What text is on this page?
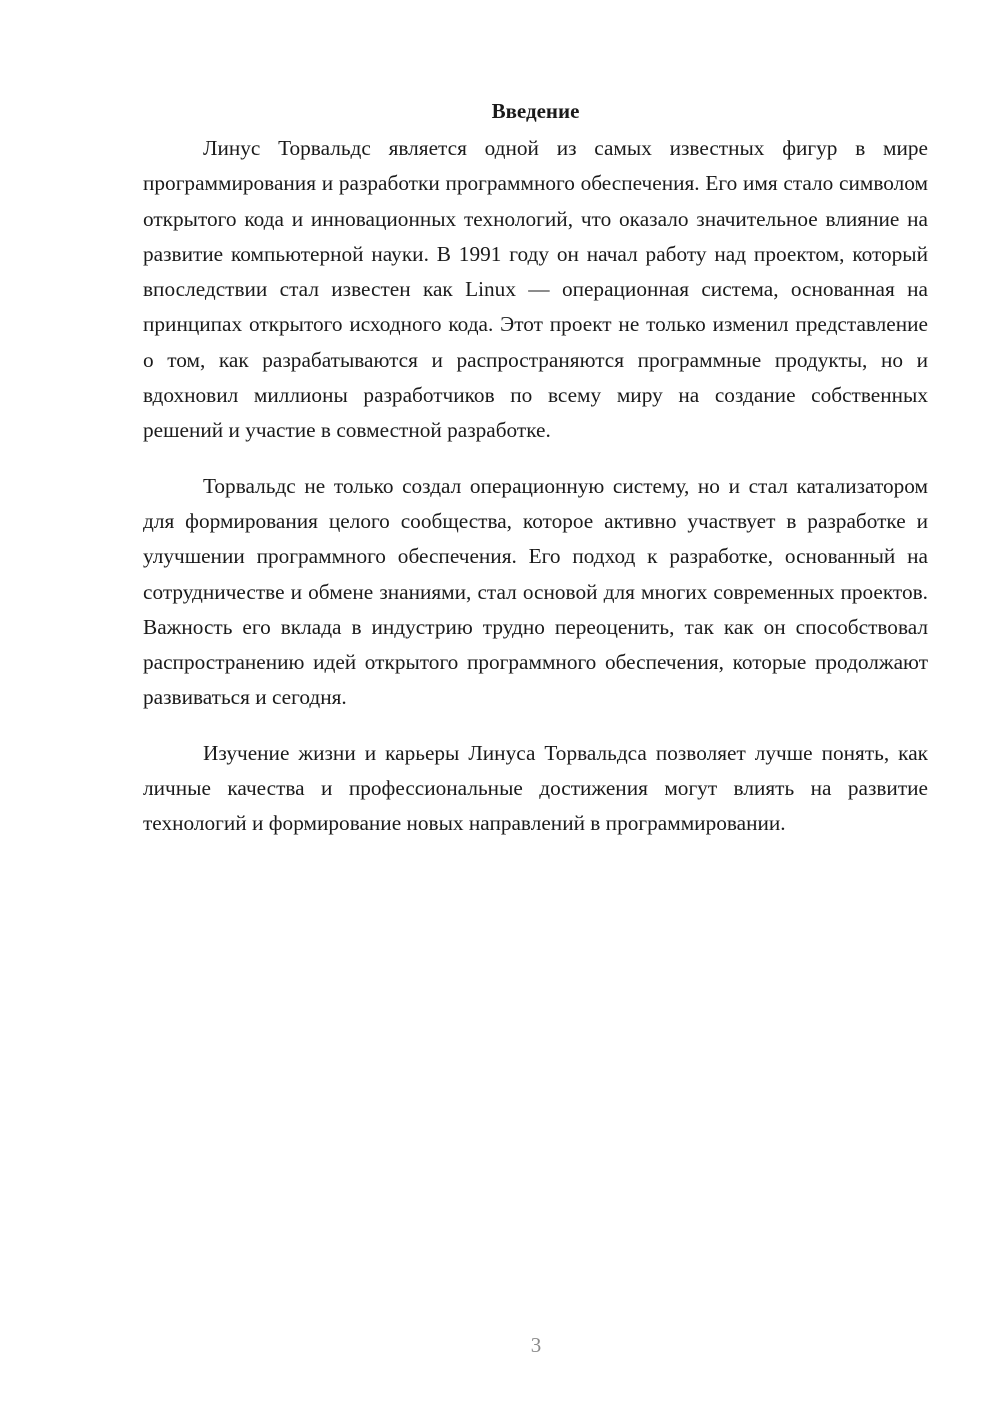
Введение

Линус Торвальдс является одной из самых известных фигур в мире программирования и разработки программного обеспечения. Его имя стало символом открытого кода и инновационных технологий, что оказало значительное влияние на развитие компьютерной науки. В 1991 году он начал работу над проектом, который впоследствии стал известен как Linux — операционная система, основанная на принципах открытого исходного кода. Этот проект не только изменил представление о том, как разрабатываются и распространяются программные продукты, но и вдохновил миллионы разработчиков по всему миру на создание собственных решений и участие в совместной разработке.

Торвальдс не только создал операционную систему, но и стал катализатором для формирования целого сообщества, которое активно участвует в разработке и улучшении программного обеспечения. Его подход к разработке, основанный на сотрудничестве и обмене знаниями, стал основой для многих современных проектов. Важность его вклада в индустрию трудно переоценить, так как он способствовал распространению идей открытого программного обеспечения, которые продолжают развиваться и сегодня.

Изучение жизни и карьеры Линуса Торвальдса позволяет лучше понять, как личные качества и профессиональные достижения могут влиять на развитие технологий и формирование новых направлений в программировании.

3
